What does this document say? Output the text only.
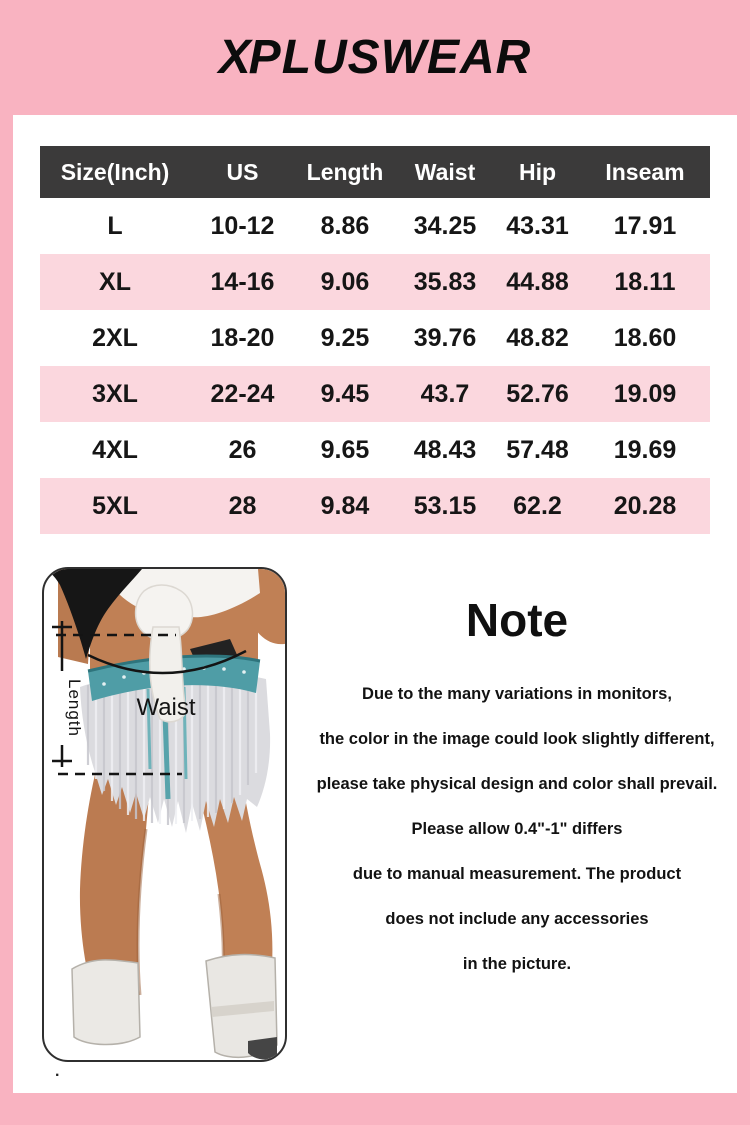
XPLUSWEAR
Size(Inch)	US	Length	Waist	Hip	Inseam
L	10-12	8.86	34.25	43.31	17.91
XL	14-16	9.06	35.83	44.88	18.11
2XL	18-20	9.25	39.76	48.82	18.60
3XL	22-24	9.45	43.7	52.76	19.09
4XL	26	9.65	48.43	57.48	19.69
5XL	28	9.84	53.15	62.2	20.28
Length Waist
Note
Due to the many variations in monitors,
the color in the image could look slightly different,
please take physical design and color shall prevail.
Please allow 0.4"-1" differs
due to manual measurement. The product
does not include any accessories
in the picture.
.
